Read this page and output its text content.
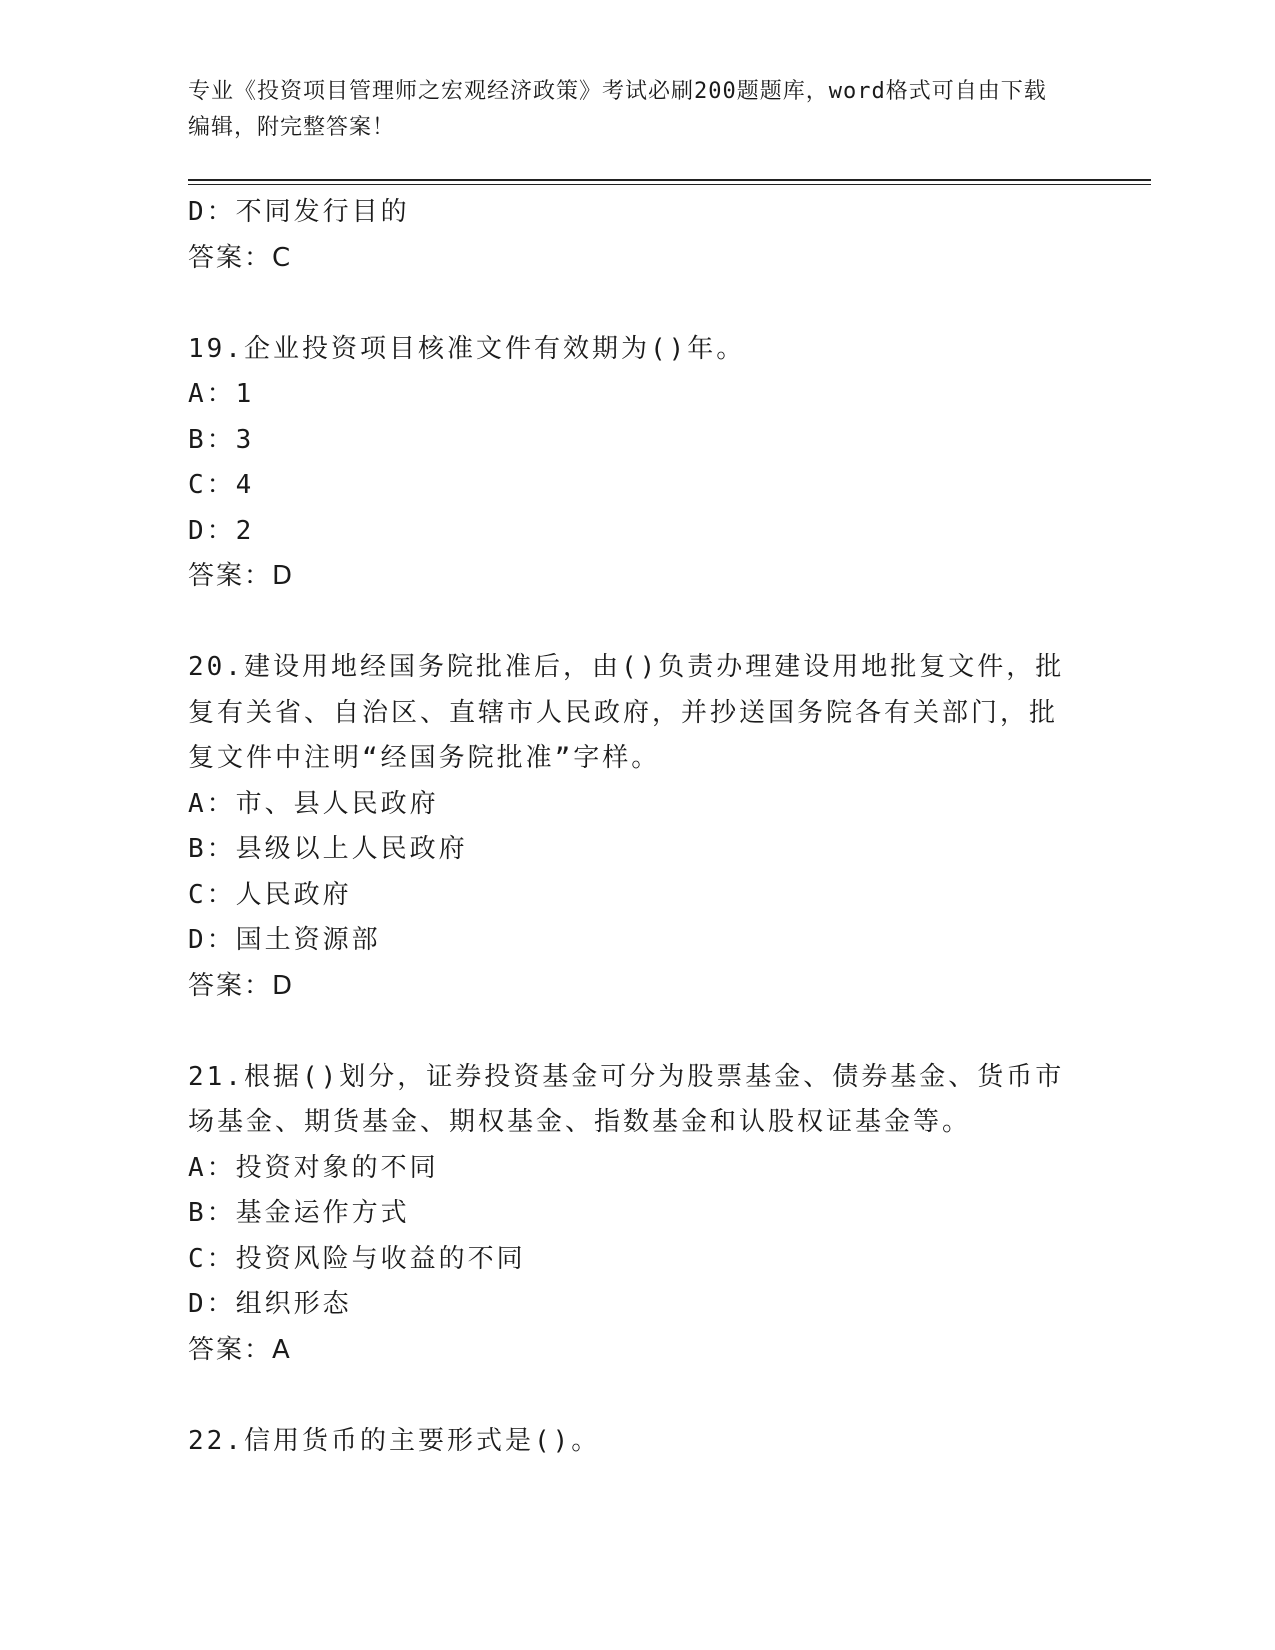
专业《投资项目管理师之宏观经济政策》考试必刷200题题库，word格式可自由下载编辑，附完整答案！
D：不同发行目的
答案：C
19.企业投资项目核准文件有效期为()年。
A：1
B：3
C：4
D：2
答案：D
20.建设用地经国务院批准后，由()负责办理建设用地批复文件，批复有关省、自治区、直辖市人民政府，并抄送国务院各有关部门，批复文件中注明“经国务院批准”字样。
A：市、县人民政府
B：县级以上人民政府
C：人民政府
D：国土资源部
答案：D
21.根据()划分，证券投资基金可分为股票基金、债券基金、货币市场基金、期货基金、期权基金、指数基金和认股权证基金等。
A：投资对象的不同
B：基金运作方式
C：投资风险与收益的不同
D：组织形态
答案：A
22.信用货币的主要形式是()。
